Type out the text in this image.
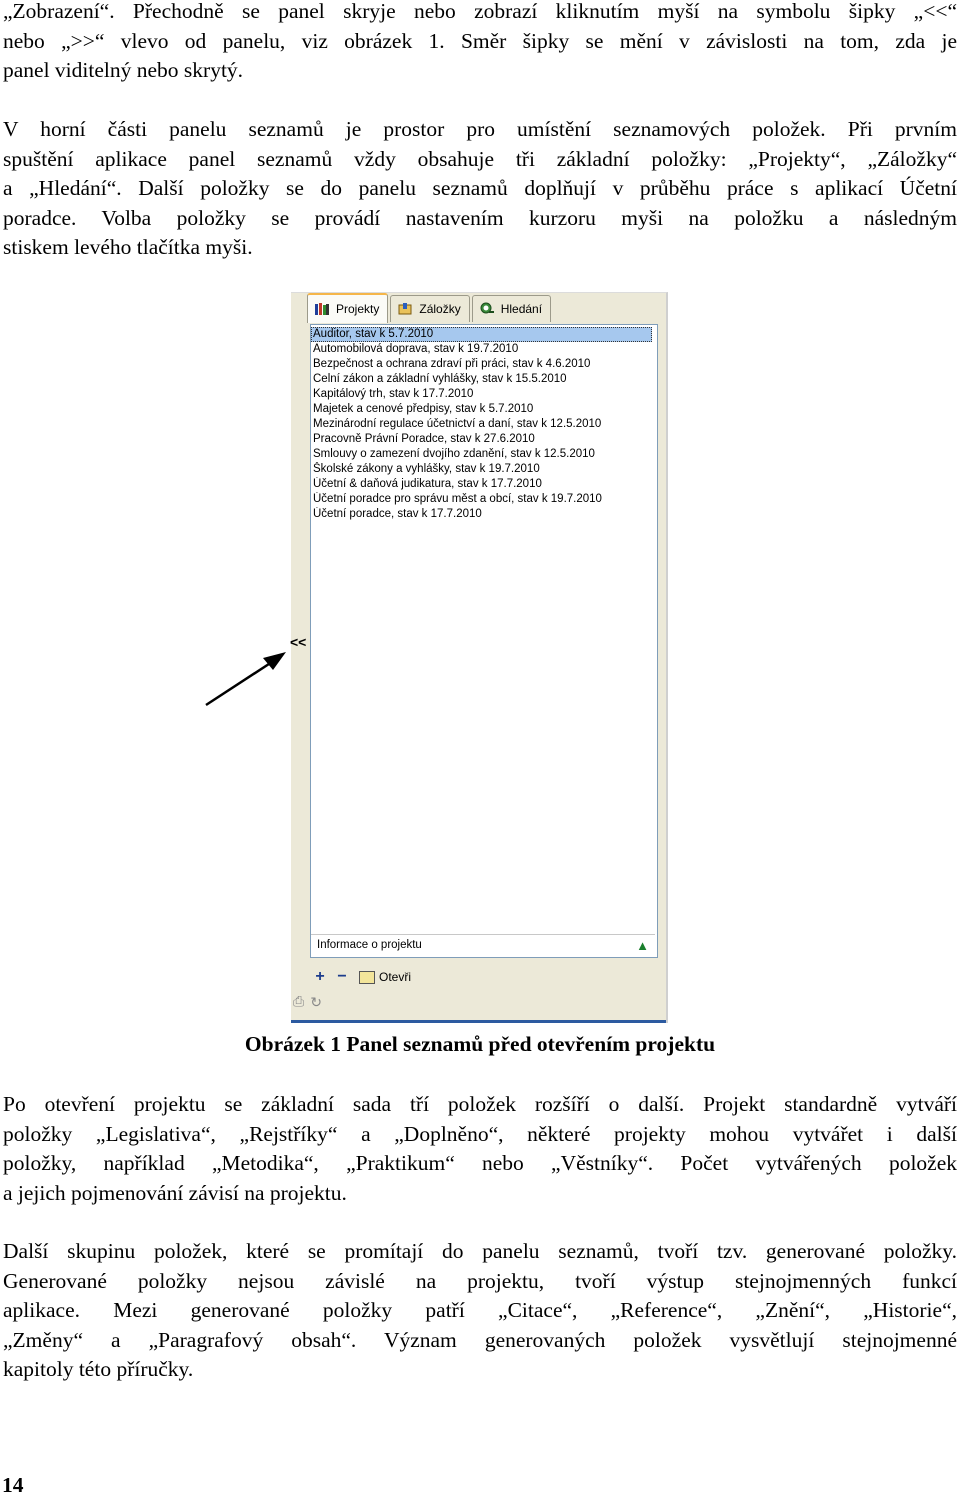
„Zobrazení“. Přechodně se panel skryje nebo zobrazí kliknutím myší na symbolu šipky „<<“
nebo „>>“ vlevo od panelu, viz obrázek 1. Směr šipky se mění v závislosti na tom, zda je
panel viditelný nebo skrytý.
V horní části panelu seznamů je prostor pro umístění seznamových položek. Při prvním
spuštění aplikace panel seznamů vždy obsahuje tři základní položky: „Projekty“, „Záložky“
a „Hledání“. Další položky se do panelu seznamů doplňují v průběhu práce s aplikací Účetní
poradce. Volba položky se provádí nastavením kurzoru myši na položku a následným
stiskem levého tlačítka myši.
Projekty	Záložky	Hledání
Auditor, stav k 5.7.2010
Automobilová doprava, stav k 19.7.2010
Bezpečnost a ochrana zdraví při práci, stav k 4.6.2010
Celní zákon a základní vyhlášky, stav k 15.5.2010
Kapitálový trh, stav k 17.7.2010
Majetek a cenové předpisy, stav k 5.7.2010
Mezinárodní regulace účetnictví a daní, stav k 12.5.2010
Pracovně Právní Poradce, stav k 27.6.2010
Smlouvy o zamezení dvojího zdanění, stav k 12.5.2010
Školské zákony a vyhlášky, stav k 19.7.2010
Účetní & daňová judikatura, stav k 17.7.2010
Účetní poradce pro správu měst a obcí, stav k 19.7.2010
Účetní poradce, stav k 17.7.2010
Informace o projektu	▲
+ −	Otevři
⎙ ↻
<<
Obrázek 1 Panel seznamů před otevřením projektu
Po otevření projektu se základní sada tří položek rozšíří o další. Projekt standardně vytváří
položky „Legislativa“, „Rejstříky“ a „Doplněno“, některé projekty mohou vytvářet i další
položky, například „Metodika“, „Praktikum“ nebo „Věstníky“. Počet vytvářených položek
a jejich pojmenování závisí na projektu.
Další skupinu položek, které se promítají do panelu seznamů, tvoří tzv. generované položky.
Generované položky nejsou závislé na projektu, tvoří výstup stejnojmenných funkcí
aplikace. Mezi generované položky patří „Citace“, „Reference“, „Znění“, „Historie“,
„Změny“ a „Paragrafový obsah“. Význam generovaných položek vysvětlují stejnojmenné
kapitoly této příručky.
14
